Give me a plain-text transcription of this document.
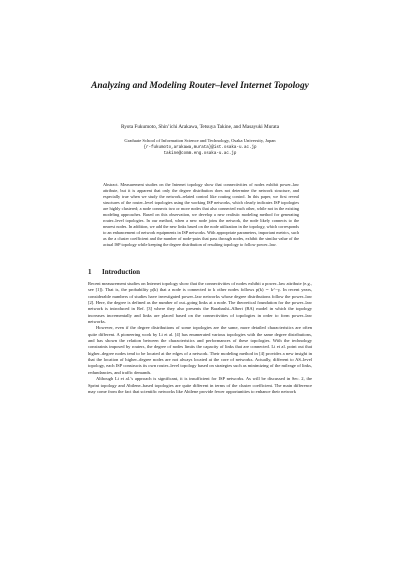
Analyzing and Modeling Router–level Internet Topology
Ryota Fukumoto, Shin’ichi Arakawa, Tetsuya Takine, and Masayuki Murata
Graduate School of Information Science and Technology, Osaka University, Japan
{r-fukumoto,arakawa,murata}@ist.osaka-u.ac.jp
takine@comm.eng.osaka-u.ac.jp
Abstract. Measurement studies on the Internet topology show that connectivities of nodes exhibit power–law attribute, but it is apparent that only the degree distribution does not determine the network structure, and especially true when we study the network–related control like routing control. In this paper, we first reveal structures of the router–level topologies using the working ISP networks, which clearly indicates ISP topologies are highly clustered; a node connects two or more nodes that also connected each other, while not in the existing modeling approaches. Based on this observation, we develop a new realistic modeling method for generating router–level topologies. In our method, when a new node joins the network, the node likely connects to the nearest nodes. In addition, we add the new links based on the node utilization in the topology, which corresponds to an enhancement of network equipments in ISP networks. With appropriate parameters, important metrics, such as the a cluster coefficient and the number of node-pairs that pass through nodes, exhibit the similar value of the actual ISP topology while keeping the degree distribution of resulting topology to follow power–law.
1 Introduction

Recent measurement studies on Internet topology show that the connectivities of nodes exhibit a power–law attribute (e.g., see [1]). That is, the probability p(k) that a node is connected to k other nodes follows p(k) ∼ k^−γ. In recent years, considerable numbers of studies have investigated power–law networks whose degree distributions follow the power–law [2]. Here, the degree is defined as the number of out–going links at a node. The theoretical foundation for the power–law network is introduced in Ref. [3] where they also presents the Barabashi–Albert (BA) model in which the topology increases incrementally and links are placed based on the connectivities of topologies in order to form power–law networks.

However, even if the degree distributions of some topologies are the same, more detailed characteristics are often quite different. A pioneering work by Li et al. [4] has enumerated various topologies with the same degree distributions, and has shown the relation between the characteristics and performances of these topologies. With the technology constraints imposed by routers, the degree of nodes limits the capacity of links that are connected. Li et al. point out that higher–degree nodes tend to be located at the edges of a network. Their modeling method in [4] provides a new insight in that the location of higher–degree nodes are not always located at the core of networks. Actually, different to AS–level topology, each ISP constructs its own router–level topology based on strategies such as minimizing of the mileage of links, redundancies, and traffic demands.

Although Li et al.’s approach is significant, it is insufficient for ISP networks. As will be discussed in Sec. 2, the Sprint topology and Abilene–based topologies are quite different in terms of the cluster coefficient. The main difference may come from the fact that scientific networks like Abilene provide fewer opportunities to enhance their network
